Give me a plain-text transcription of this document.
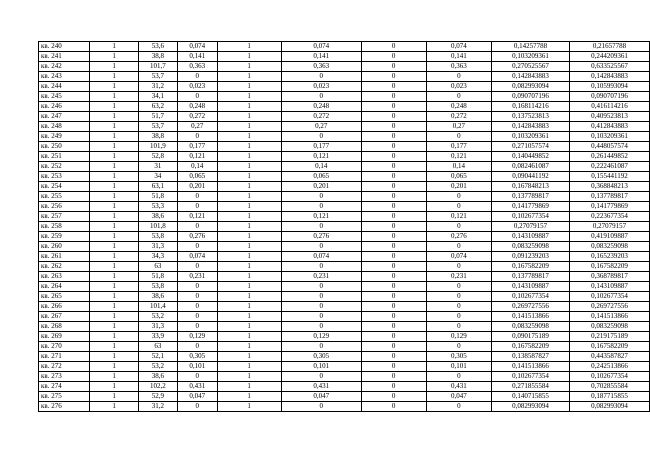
кв. 240	1	53,6	0,074	1	0,074	0	0,074	0,14257788	0,21657788
кв. 241	1	38,8	0,141	1	0,141	0	0,141	0,103209361	0,244209361
кв. 242	1	101,7	0,363	1	0,363	0	0,363	0,270525567	0,633525567
кв. 243	1	53,7	0	1	0	0	0	0,142843883	0,142843883
кв. 244	1	31,2	0,023	1	0,023	0	0,023	0,082993094	0,105993094
кв. 245	1	34,1	0	1	0	0	0	0,090707196	0,090707196
кв. 246	1	63,2	0,248	1	0,248	0	0,248	0,168114216	0,416114216
кв. 247	1	51,7	0,272	1	0,272	0	0,272	0,137523813	0,409523813
кв. 248	1	53,7	0,27	1	0,27	0	0,27	0,142843883	0,412843883
кв. 249	1	38,8	0	1	0	0	0	0,103209361	0,103209361
кв. 250	1	101,9	0,177	1	0,177	0	0,177	0,271057574	0,448057574
кв. 251	1	52,8	0,121	1	0,121	0	0,121	0,140449852	0,261449852
кв. 252	1	31	0,14	1	0,14	0	0,14	0,082461087	0,222461087
кв. 253	1	34	0,065	1	0,065	0	0,065	0,090441192	0,155441192
кв. 254	1	63,1	0,201	1	0,201	0	0,201	0,167848213	0,368848213
кв. 255	1	51,8	0	1	0	0	0	0,137789817	0,137789817
кв. 256	1	53,3	0	1	0	0	0	0,141779869	0,141779869
кв. 257	1	38,6	0,121	1	0,121	0	0,121	0,102677354	0,223677354
кв. 258	1	101,8	0	1	0	0	0	0,27079157	0,27079157
кв. 259	1	53,8	0,276	1	0,276	0	0,276	0,143109887	0,419109887
кв. 260	1	31,3	0	1	0	0	0	0,083259098	0,083259098
кв. 261	1	34,3	0,074	1	0,074	0	0,074	0,091239203	0,165239203
кв. 262	1	63	0	1	0	0	0	0,167582209	0,167582209
кв. 263	1	51,8	0,231	1	0,231	0	0,231	0,137789817	0,368789817
кв. 264	1	53,8	0	1	0	0	0	0,143109887	0,143109887
кв. 265	1	38,6	0	1	0	0	0	0,102677354	0,102677354
кв. 266	1	101,4	0	1	0	0	0	0,269727556	0,269727556
кв. 267	1	53,2	0	1	0	0	0	0,141513866	0,141513866
кв. 268	1	31,3	0	1	0	0	0	0,083259098	0,083259098
кв. 269	1	33,9	0,129	1	0,129	0	0,129	0,090175189	0,219175189
кв. 270	1	63	0	1	0	0	0	0,167582209	0,167582209
кв. 271	1	52,1	0,305	1	0,305	0	0,305	0,138587827	0,443587827
кв. 272	1	53,2	0,101	1	0,101	0	0,101	0,141513866	0,242513866
кв. 273	1	38,6	0	1	0	0	0	0,102677354	0,102677354
кв. 274	1	102,2	0,431	1	0,431	0	0,431	0,271855584	0,702855584
кв. 275	1	52,9	0,047	1	0,047	0	0,047	0,140715855	0,187715855
кв. 276	1	31,2	0	1	0	0	0	0,082993094	0,082993094
